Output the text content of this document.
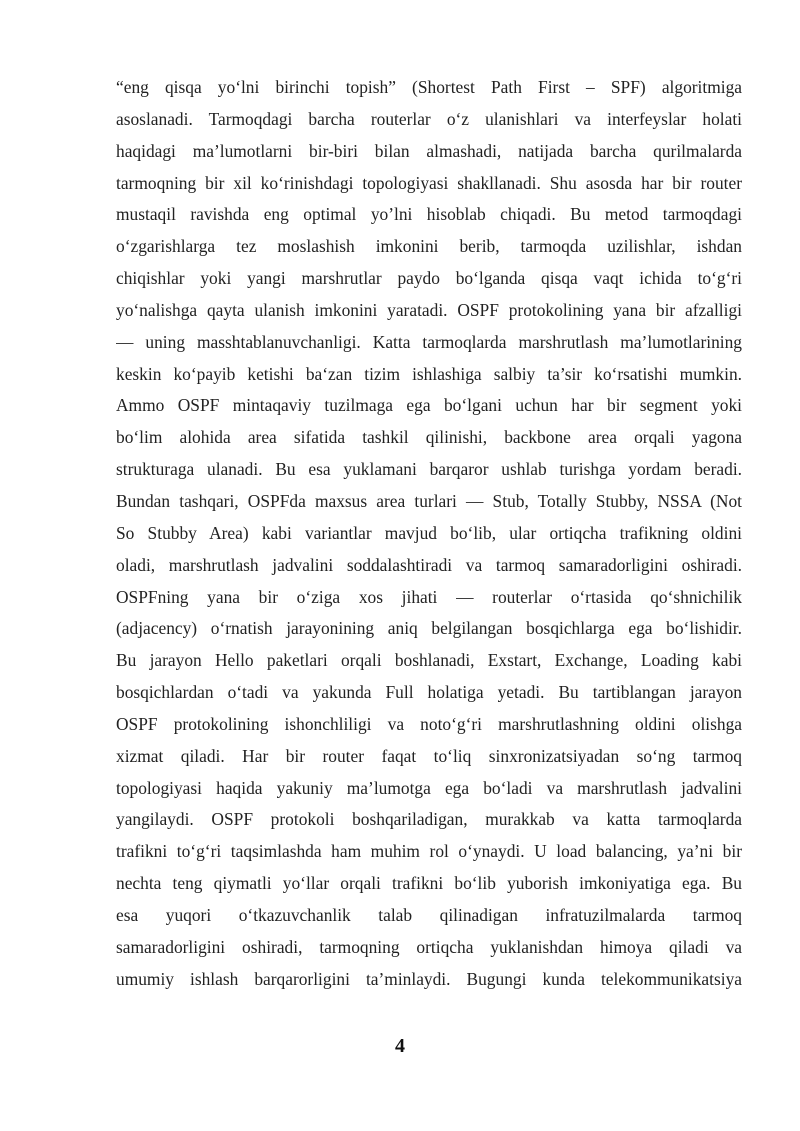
“eng qisqa yo‘lni birinchi topish” (Shortest Path First – SPF) algoritmiga
asoslanadi. Tarmoqdagi barcha routerlar o‘z ulanishlari va interfeyslar holati
haqidagi ma’lumotlarni bir-biri bilan almashadi, natijada barcha qurilmalarda
tarmoqning bir xil ko‘rinishdagi topologiyasi shakllanadi. Shu asosda har bir router
mustaqil ravishda eng optimal yo’lni hisoblab chiqadi. Bu metod tarmoqdagi
o‘zgarishlarga tez moslashish imkonini berib, tarmoqda uzilishlar, ishdan
chiqishlar yoki yangi marshrutlar paydo bo‘lganda qisqa vaqt ichida to‘g‘ri
yo‘nalishga qayta ulanish imkonini yaratadi. OSPF protokolining yana bir afzalligi
— uning masshtablanuvchanligi. Katta tarmoqlarda marshrutlash ma’lumotlarining
keskin ko‘payib ketishi ba‘zan tizim ishlashiga salbiy ta’sir ko‘rsatishi mumkin.
Ammo OSPF mintaqaviy tuzilmaga ega bo‘lgani uchun har bir segment yoki
bo‘lim alohida area sifatida tashkil qilinishi, backbone area orqali yagona
strukturaga ulanadi. Bu esa yuklamani barqaror ushlab turishga yordam beradi.
Bundan tashqari, OSPFda maxsus area turlari — Stub, Totally Stubby, NSSA (Not
So Stubby Area) kabi variantlar mavjud bo‘lib, ular ortiqcha trafikning oldini
oladi, marshrutlash jadvalini soddalashtiradi va tarmoq samaradorligini oshiradi.
OSPFning yana bir o‘ziga xos jihati — routerlar o‘rtasida qo‘shnichilik
(adjacency) o‘rnatish jarayonining aniq belgilangan bosqichlarga ega bo‘lishidir.
Bu jarayon Hello paketlari orqali boshlanadi, Exstart, Exchange, Loading kabi
bosqichlardan o‘tadi va yakunda Full holatiga yetadi. Bu tartiblangan jarayon
OSPF protokolining ishonchliligi va noto‘g‘ri marshrutlashning oldini olishga
xizmat qiladi. Har bir router faqat to‘liq sinxronizatsiyadan so‘ng tarmoq
topologiyasi haqida yakuniy ma’lumotga ega bo‘ladi va marshrutlash jadvalini
yangilaydi. OSPF protokoli boshqariladigan, murakkab va katta tarmoqlarda
trafikni to‘g‘ri taqsimlashda ham muhim rol o‘ynaydi. U load balancing, ya’ni bir
nechta teng qiymatli yo‘llar orqali trafikni bo‘lib yuborish imkoniyatiga ega. Bu
esa yuqori o‘tkazuvchanlik talab qilinadigan infratuzilmalarda tarmoq
samaradorligini oshiradi, tarmoqning ortiqcha yuklanishdan himoya qiladi va
umumiy ishlash barqarorligini ta’minlaydi. Bugungi kunda telekommunikatsiya
4
